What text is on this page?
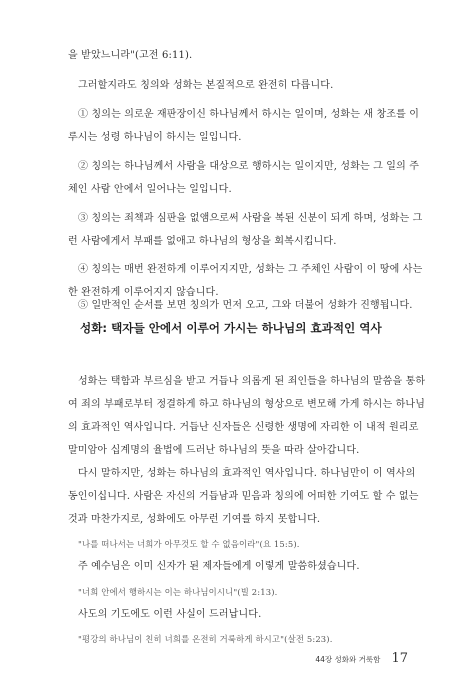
을 받았느니라"(고전 6:11).
그러할지라도 칭의와 성화는 본질적으로 완전히 다릅니다.
① 칭의는 의로운 재판장이신 하나님께서 하시는 일이며, 성화는 새 창조를 이
루시는 성령 하나님이 하시는 일입니다.
② 칭의는 하나님께서 사람을 대상으로 행하시는 일이지만, 성화는 그 일의 주
체인 사람 안에서 일어나는 일입니다.
③ 칭의는 죄책과 심판을 없앰으로써 사람을 복된 신분이 되게 하며, 성화는 그
런 사람에게서 부패를 없애고 하나님의 형상을 회복시킵니다.
④ 칭의는 매번 완전하게 이루어지지만, 성화는 그 주체인 사람이 이 땅에 사는
한 완전하게 이루어지지 않습니다.
⑤ 일반적인 순서를 보면 칭의가 먼저 오고, 그와 더불어 성화가 진행됩니다.
성화: 택자들 안에서 이루어 가시는 하나님의 효과적인 역사
성화는 택함과 부르심을 받고 거듭나 의롭게 된 죄인들을 하나님의 말씀을 통하
여 죄의 부패로부터 정결하게 하고 하나님의 형상으로 변모해 가게 하시는 하나님
의 효과적인 역사입니다. 거듭난 신자들은 신령한 생명에 자리한 이 내적 원리로
말미암아 십계명의 율법에 드러난 하나님의 뜻을 따라 살아갑니다.
다시 말하지만, 성화는 하나님의 효과적인 역사입니다. 하나님만이 이 역사의
동인이십니다. 사람은 자신의 거듭남과 믿음과 칭의에 어떠한 기여도 할 수 없는
것과 마찬가지로, 성화에도 아무런 기여를 하지 못합니다.
"나를 떠나서는 너희가 아무것도 할 수 없음이라"(요 15:5).
주 예수님은 이미 신자가 된 제자들에게 이렇게 말씀하셨습니다.
"너희 안에서 행하시는 이는 하나님이시니"(빌 2:13).
사도의 기도에도 이런 사실이 드러납니다.
"평강의 하나님이 친히 너희를 온전히 거룩하게 하시고"(살전 5:23).
44장 성화와 거룩함 17
